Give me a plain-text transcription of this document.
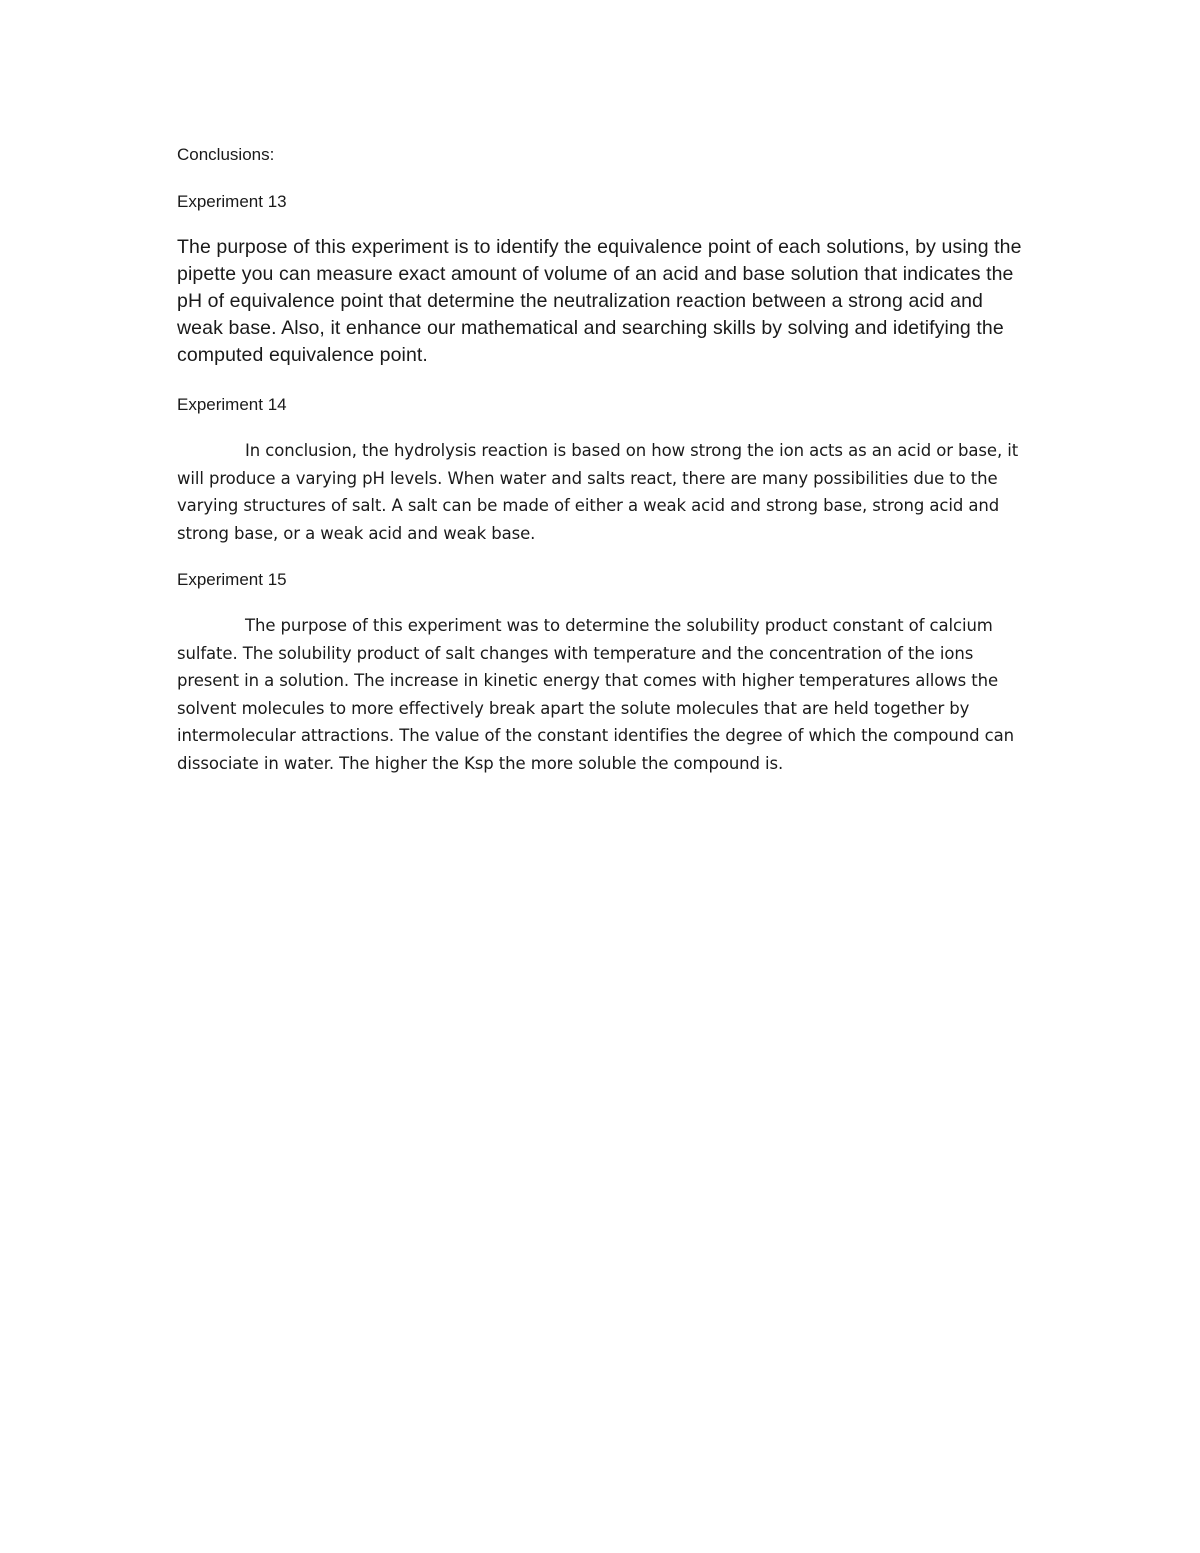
Conclusions:

Experiment 13

The purpose of this experiment is to identify the equivalence point of each solutions, by using the pipette you can measure exact amount of volume of an acid and base solution that indicates the pH of equivalence point that determine the neutralization reaction between a strong acid and weak base. Also, it enhance our mathematical and searching skills by solving and idetifying the computed equivalence point.

Experiment 14

In conclusion, the hydrolysis reaction is based on how strong the ion acts as an acid or base, it will produce a varying pH levels. When water and salts react, there are many possibilities due to the varying structures of salt. A salt can be made of either a weak acid and strong base, strong acid and strong base, or a weak acid and weak base.

Experiment 15

The purpose of this experiment was to determine the solubility product constant of calcium sulfate. The solubility product of salt changes with temperature and the concentration of the ions present in a solution. The increase in kinetic energy that comes with higher temperatures allows the solvent molecules to more effectively break apart the solute molecules that are held together by intermolecular attractions. The value of the constant identifies the degree of which the compound can dissociate in water. The higher the Ksp the more soluble the compound is.
